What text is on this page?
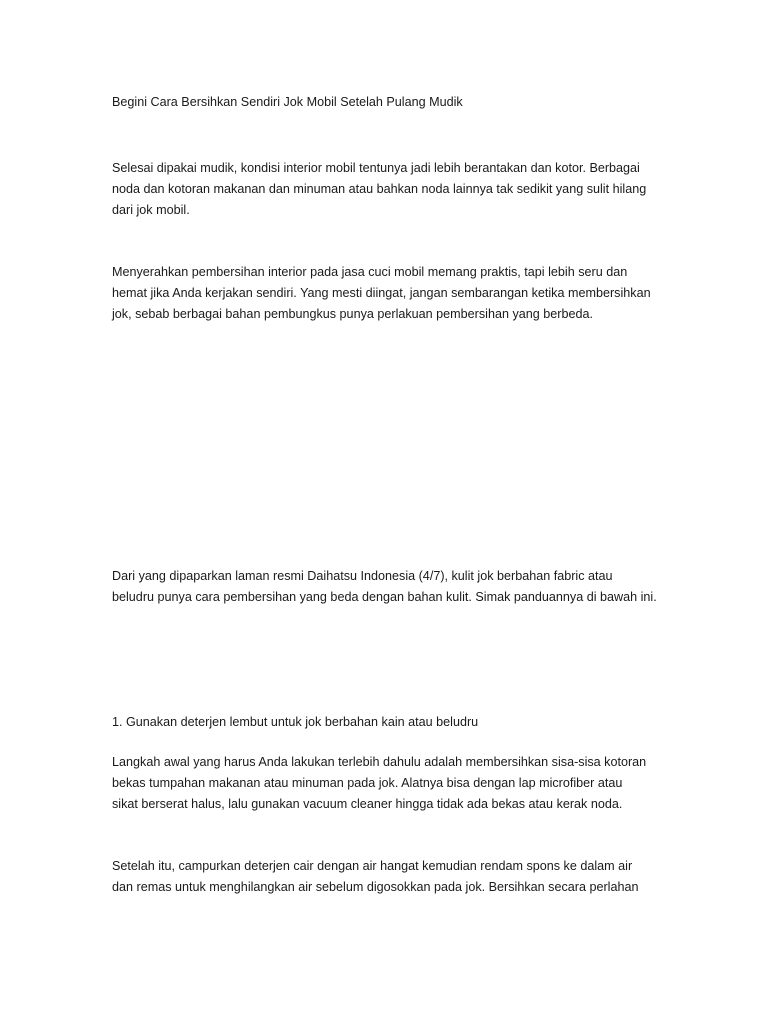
Begini Cara Bersihkan Sendiri Jok Mobil Setelah Pulang Mudik

Selesai dipakai mudik, kondisi interior mobil tentunya jadi lebih berantakan dan kotor. Berbagai
noda dan kotoran makanan dan minuman atau bahkan noda lainnya tak sedikit yang sulit hilang
dari jok mobil.

Menyerahkan pembersihan interior pada jasa cuci mobil memang praktis, tapi lebih seru dan
hemat jika Anda kerjakan sendiri. Yang mesti diingat, jangan sembarangan ketika membersihkan
jok, sebab berbagai bahan pembungkus punya perlakuan pembersihan yang berbeda.

Dari yang dipaparkan laman resmi Daihatsu Indonesia (4/7), kulit jok berbahan fabric atau
beludru punya cara pembersihan yang beda dengan bahan kulit. Simak panduannya di bawah ini.

1. Gunakan deterjen lembut untuk jok berbahan kain atau beludru

Langkah awal yang harus Anda lakukan terlebih dahulu adalah membersihkan sisa-sisa kotoran
bekas tumpahan makanan atau minuman pada jok. Alatnya bisa dengan lap microfiber atau
sikat berserat halus, lalu gunakan vacuum cleaner hingga tidak ada bekas atau kerak noda.

Setelah itu, campurkan deterjen cair dengan air hangat kemudian rendam spons ke dalam air
dan remas untuk menghilangkan air sebelum digosokkan pada jok. Bersihkan secara perlahan
